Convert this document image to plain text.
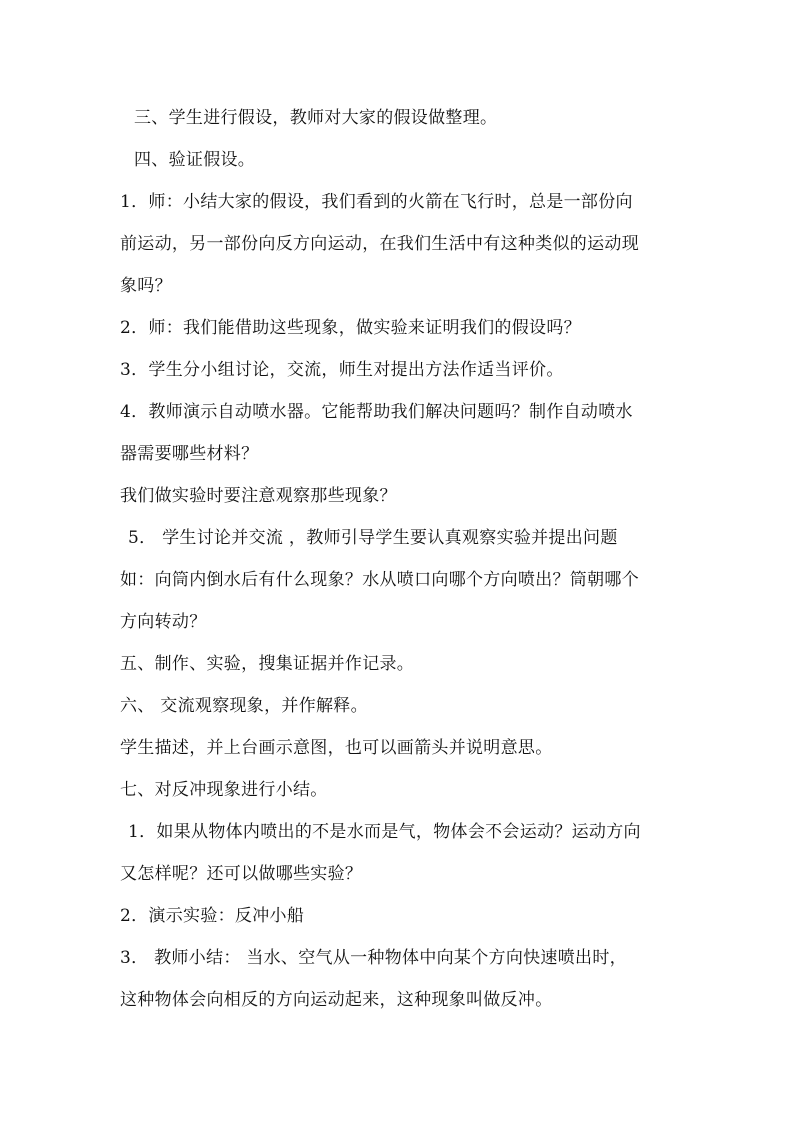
三、学生进行假设，教师对大家的假设做整理。
四、验证假设。
1．师：小结大家的假设，我们看到的火箭在飞行时，总是一部份向
前运动，另一部份向反方向运动，在我们生活中有这种类似的运动现
象吗？
2．师：我们能借助这些现象，做实验来证明我们的假设吗？
3．学生分小组讨论，交流，师生对提出方法作适当评价。
4．教师演示自动喷水器。它能帮助我们解决问题吗？制作自动喷水
器需要哪些材料？
我们做实验时要注意观察那些现象？
5． 学生讨论并交流 ，教师引导学生要认真观察实验并提出问题
如：向筒内倒水后有什么现象？水从喷口向哪个方向喷出？筒朝哪个
方向转动？
五、制作、实验，搜集证据并作记录。
六、 交流观察现象，并作解释。
学生描述，并上台画示意图，也可以画箭头并说明意思。
七、对反冲现象进行小结。
1．如果从物体内喷出的不是水而是气，物体会不会运动？运动方向
又怎样呢？还可以做哪些实验？
2．演示实验：反冲小船
3． 教师小结： 当水、空气从一种物体中向某个方向快速喷出时，
这种物体会向相反的方向运动起来，这种现象叫做反冲。
